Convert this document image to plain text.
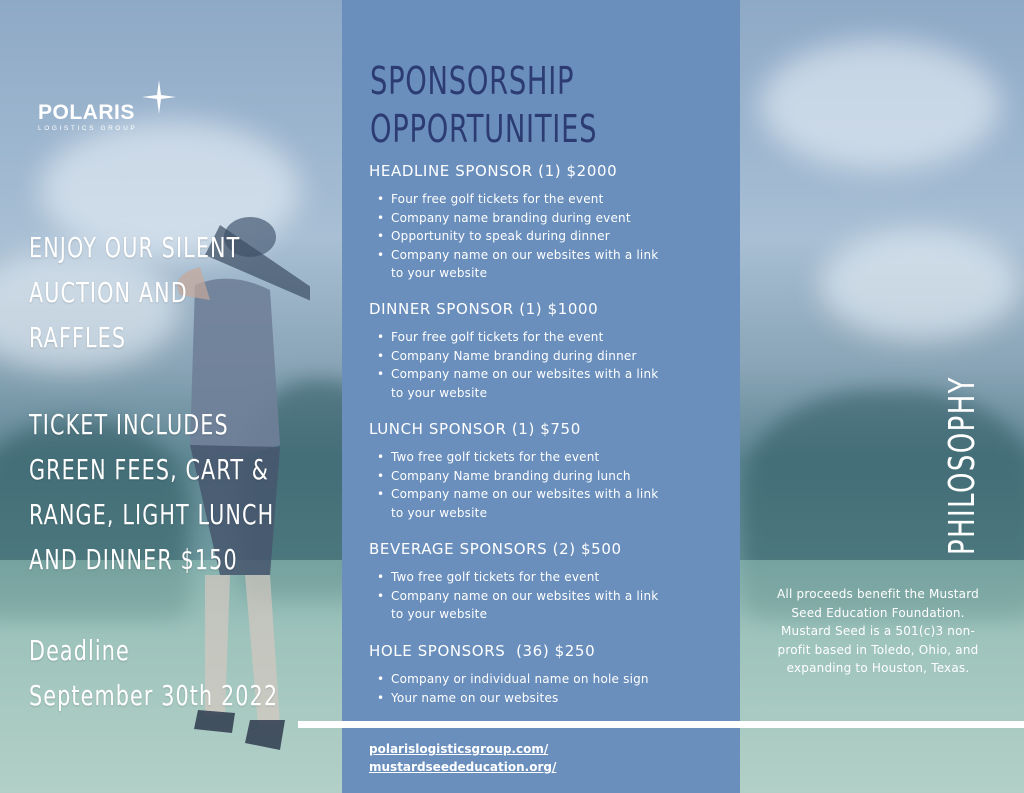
POLARIS
LOGISTICS GROUP
ENJOY OUR SILENT
AUCTION AND
RAFFLES
TICKET INCLUDES
GREEN FEES, CART &
RANGE, LIGHT LUNCH
AND DINNER $150
Deadline
September 30th 2022
SPONSORSHIP
OPPORTUNITIES
HEADLINE SPONSOR (1) $2000
• Four free golf tickets for the event
• Company name branding during event
• Opportunity to speak during dinner
• Company name on our websites with a link to your website
DINNER SPONSOR (1) $1000
• Four free golf tickets for the event
• Company Name branding during dinner
• Company name on our websites with a link to your website
LUNCH SPONSOR (1) $750
• Two free golf tickets for the event
• Company Name branding during lunch
• Company name on our websites with a link to your website
BEVERAGE SPONSORS (2) $500
• Two free golf tickets for the event
• Company name on our websites with a link to your website
HOLE SPONSORS  (36) $250
• Company or individual name on hole sign
• Your name on our websites
polarislogisticsgroup.com/
mustardseededucation.org/
PHILOSOPHY
All proceeds benefit the Mustard Seed Education Foundation. Mustard Seed is a 501(c)3 non-profit based in Toledo, Ohio, and expanding to Houston, Texas.
